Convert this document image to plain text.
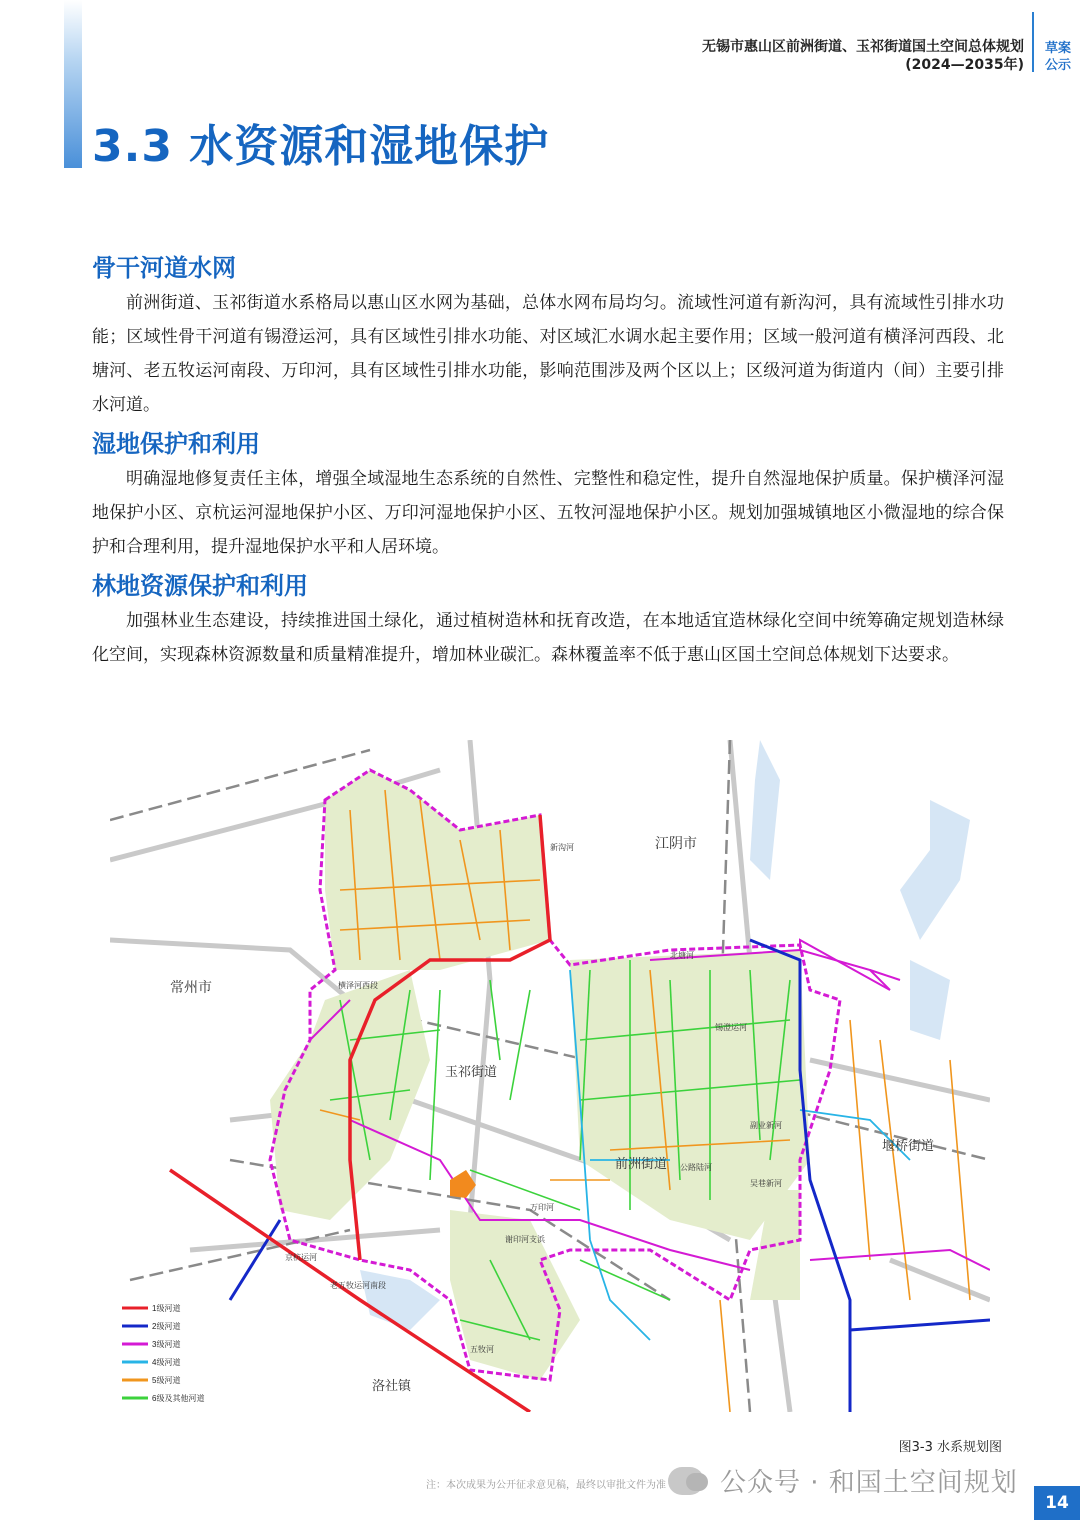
无锡市惠山区前洲街道、玉祁街道国土空间总体规划
(2024—2035年)
草案
公示
3.3 水资源和湿地保护
骨干河道水网
前洲街道、玉祁街道水系格局以惠山区水网为基础，总体水网布局均匀。流域性河道有新沟河，具有流域性引排水功能；区域性骨干河道有锡澄运河，具有区域性引排水功能、对区域汇水调水起主要作用；区域一般河道有横泽河西段、北塘河、老五牧运河南段、万印河，具有区域性引排水功能，影响范围涉及两个区以上；区级河道为街道内（间）主要引排水河道。
湿地保护和利用
明确湿地修复责任主体，增强全域湿地生态系统的自然性、完整性和稳定性，提升自然湿地保护质量。保护横泽河湿地保护小区、京杭运河湿地保护小区、万印河湿地保护小区、五牧河湿地保护小区。规划加强城镇地区小微湿地的综合保护和合理利用，提升湿地保护水平和人居环境。
林地资源保护和利用
加强林业生态建设，持续推进国土绿化，通过植树造林和抚育改造，在本地适宜造林绿化空间中统筹确定规划造林绿化空间，实现森林资源数量和质量精准提升，增加林业碳汇。森林覆盖率不低于惠山区国土空间总体规划下达要求。
江阴市
常州市
玉祁街道
前洲街道
堰桥街道
洛社镇
新沟河
横泽河西段
北塘河
锡澄运河
万印河
公路陆河
副业新河
吴巷新河
谢印河支浜
五牧河
老五牧运河南段
京杭运河
1级河道
2级河道
3级河道
4级河道
5级河道
6级及其他河道
图3-3 水系规划图
注：本次成果为公开征求意见稿，最终以审批文件为准 公众号 · 和国土空间规划
14
